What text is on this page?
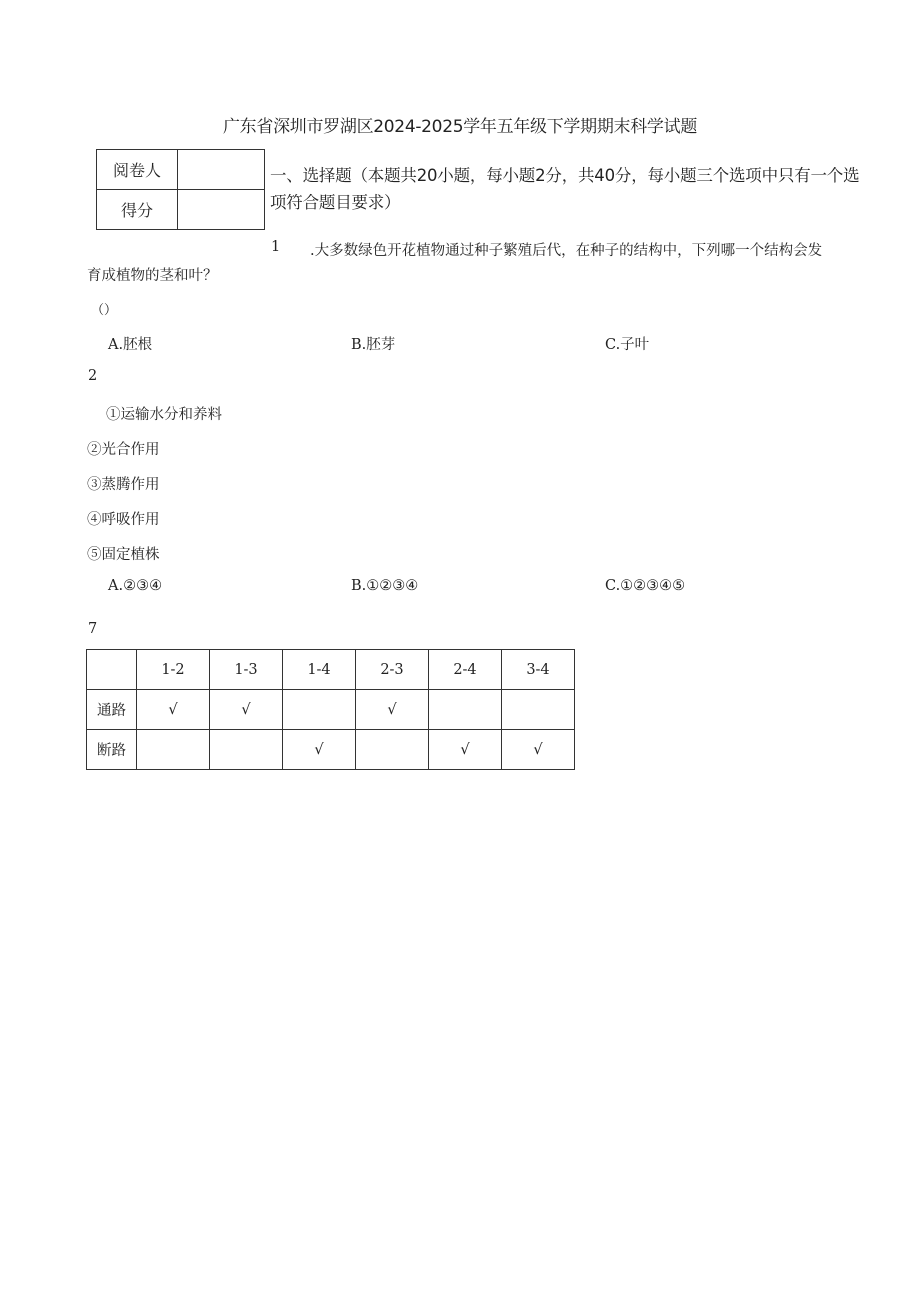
广东省深圳市罗湖区2024-2025学年五年级下学期期末科学试题
阅卷人	
得分	
一、选择题（本题共20小题，每小题2分，共40分，每小题三个选项中只有一个选项符合题目要求）
1 .大多数绿色开花植物通过种子繁殖后代，在种子的结构中，下列哪一个结构会发
育成植物的茎和叶？
（）
A.胚根	B.胚芽	C.子叶
2
①运输水分和养料
②光合作用
③蒸腾作用
④呼吸作用
⑤固定植株
A.②③④	B.①②③④	C.①②③④⑤
7
	1-2	1-3	1-4	2-3	2-4	3-4
通路	√	√		√		
断路			√		√	√
